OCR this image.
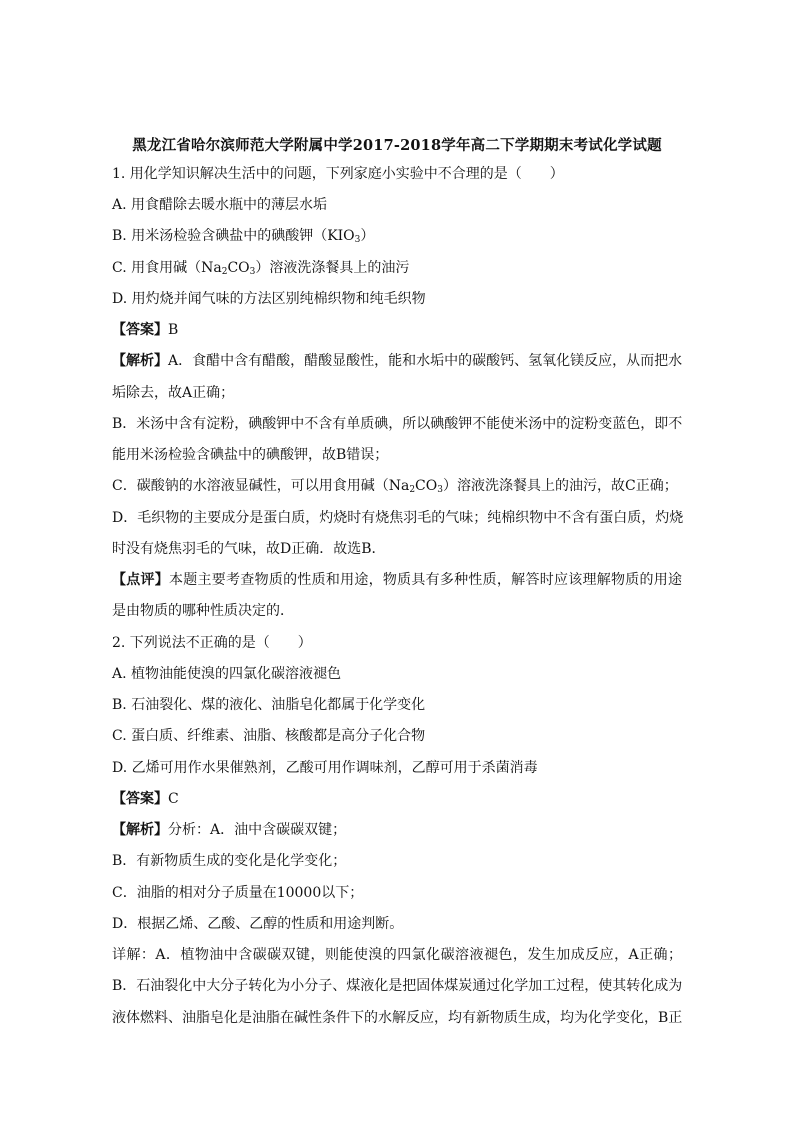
黑龙江省哈尔滨师范大学附属中学2017-2018学年高二下学期期末考试化学试题
1. 用化学知识解决生活中的问题，下列家庭小实验中不合理的是（　　）
A. 用食醋除去暖水瓶中的薄层水垢
B. 用米汤检验含碘盐中的碘酸钾$(KIO_3)$
C. 用食用碱$(Na_2CO_3)$溶液洗涤餐具上的油污
D. 用灼烧并闻气味的方法区别纯棉织物和纯毛织物
【答案】B
【解析】A．食醋中含有醋酸，醋酸显酸性，能和水垢中的碳酸钙、氢氧化镁反应，从而把水
垢除去，故A正确；
B．米汤中含有淀粉，碘酸钾中不含有单质碘，所以碘酸钾不能使米汤中的淀粉变蓝色，即不
能用米汤检验含碘盐中的碘酸钾，故B错误；
C．碳酸钠的水溶液显碱性，可以用食用碱$(Na_2CO_3)$溶液洗涤餐具上的油污，故C正确；
D．毛织物的主要成分是蛋白质，灼烧时有烧焦羽毛的气味；纯棉织物中不含有蛋白质，灼烧
时没有烧焦羽毛的气味，故D正确．故选B．
【点评】本题主要考查物质的性质和用途，物质具有多种性质，解答时应该理解物质的用途
是由物质的哪种性质决定的．
2. 下列说法不正确的是（　　）
A. 植物油能使溴的四氯化碳溶液褪色
B. 石油裂化、煤的液化、油脂皂化都属于化学变化
C. 蛋白质、纤维素、油脂、核酸都是高分子化合物
D. 乙烯可用作水果催熟剂，乙酸可用作调味剂，乙醇可用于杀菌消毒
【答案】C
【解析】分析：A．油中含碳碳双键；
B．有新物质生成的变化是化学变化；
C．油脂的相对分子质量在10000以下；
D．根据乙烯、乙酸、乙醇的性质和用途判断。
详解：A．植物油中含碳碳双键，则能使溴的四氯化碳溶液褪色，发生加成反应，A正确；
B．石油裂化中大分子转化为小分子、煤液化是把固体煤炭通过化学加工过程，使其转化成为
液体燃料、油脂皂化是油脂在碱性条件下的水解反应，均有新物质生成，均为化学变化，B正
